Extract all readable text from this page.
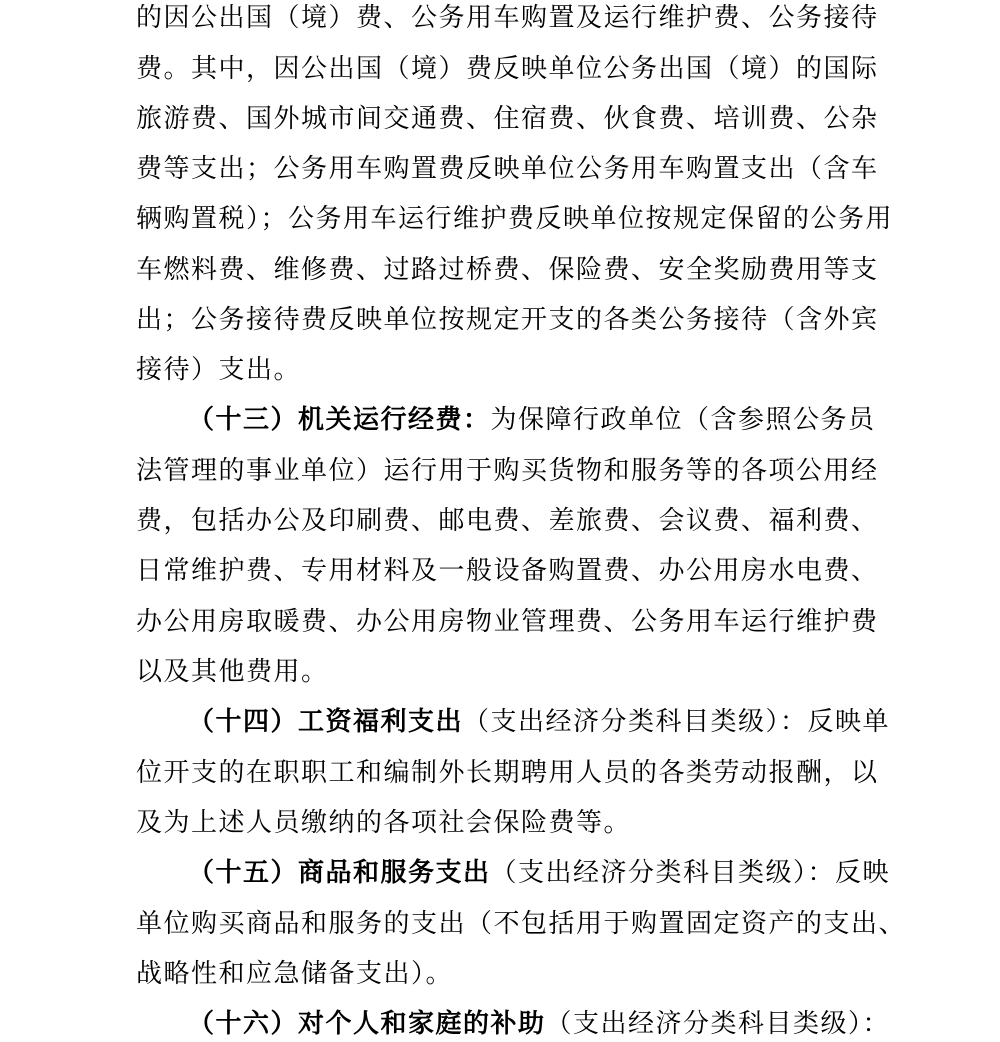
的因公出国（境）费、公务用车购置及运行维护费、公务接待
费。其中，因公出国（境）费反映单位公务出国（境）的国际
旅游费、国外城市间交通费、住宿费、伙食费、培训费、公杂
费等支出；公务用车购置费反映单位公务用车购置支出（含车
辆购置税）；公务用车运行维护费反映单位按规定保留的公务用
车燃料费、维修费、过路过桥费、保险费、安全奖励费用等支
出；公务接待费反映单位按规定开支的各类公务接待（含外宾
接待）支出。
（十三）机关运行经费：为保障行政单位（含参照公务员
法管理的事业单位）运行用于购买货物和服务等的各项公用经
费，包括办公及印刷费、邮电费、差旅费、会议费、福利费、
日常维护费、专用材料及一般设备购置费、办公用房水电费、
办公用房取暖费、办公用房物业管理费、公务用车运行维护费
以及其他费用。
（十四）工资福利支出（支出经济分类科目类级）：反映单
位开支的在职职工和编制外长期聘用人员的各类劳动报酬，以
及为上述人员缴纳的各项社会保险费等。
（十五）商品和服务支出（支出经济分类科目类级）：反映
单位购买商品和服务的支出（不包括用于购置固定资产的支出、
战略性和应急储备支出）。
（十六）对个人和家庭的补助（支出经济分类科目类级）：
